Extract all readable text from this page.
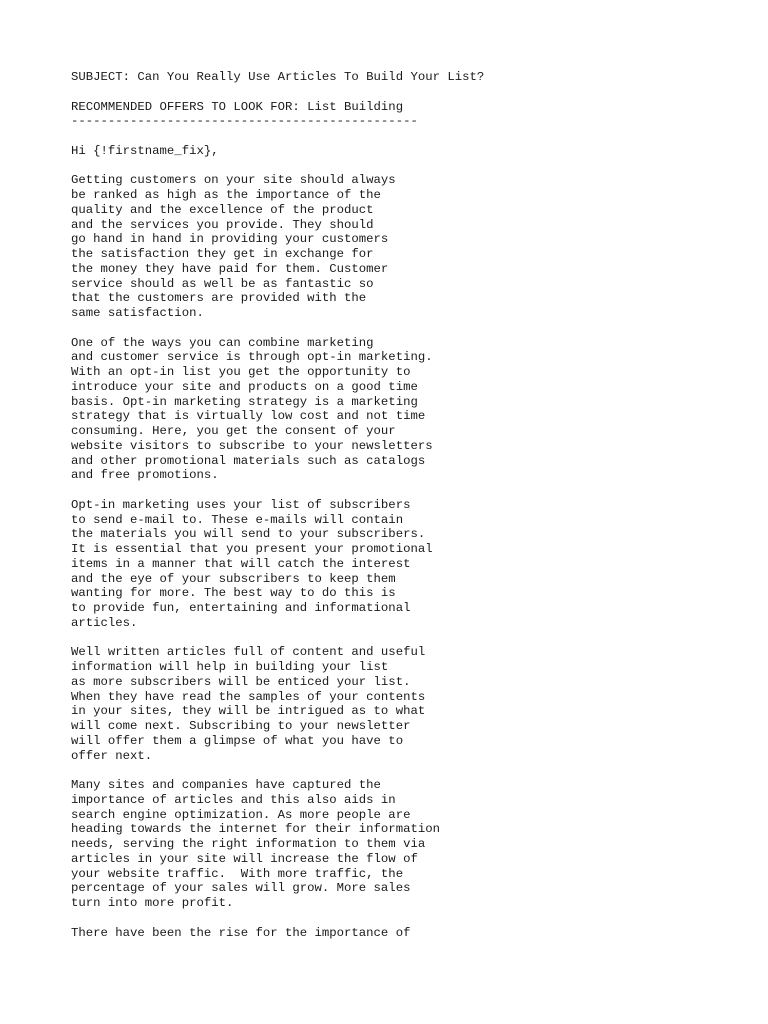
SUBJECT: Can You Really Use Articles To Build Your List?
RECOMMENDED OFFERS TO LOOK FOR: List Building
-----------------------------------------------
Hi {!firstname_fix},
Getting customers on your site should always
be ranked as high as the importance of the
quality and the excellence of the product
and the services you provide. They should
go hand in hand in providing your customers
the satisfaction they get in exchange for
the money they have paid for them. Customer
service should as well be as fantastic so
that the customers are provided with the
same satisfaction.
One of the ways you can combine marketing
and customer service is through opt-in marketing.
With an opt-in list you get the opportunity to
introduce your site and products on a good time
basis. Opt-in marketing strategy is a marketing
strategy that is virtually low cost and not time
consuming. Here, you get the consent of your
website visitors to subscribe to your newsletters
and other promotional materials such as catalogs
and free promotions.
Opt-in marketing uses your list of subscribers
to send e-mail to. These e-mails will contain
the materials you will send to your subscribers.
It is essential that you present your promotional
items in a manner that will catch the interest
and the eye of your subscribers to keep them
wanting for more. The best way to do this is
to provide fun, entertaining and informational
articles.
Well written articles full of content and useful
information will help in building your list
as more subscribers will be enticed your list.
When they have read the samples of your contents
in your sites, they will be intrigued as to what
will come next. Subscribing to your newsletter
will offer them a glimpse of what you have to
offer next.
Many sites and companies have captured the
importance of articles and this also aids in
search engine optimization. As more people are
heading towards the internet for their information
needs, serving the right information to them via
articles in your site will increase the flow of
your website traffic.  With more traffic, the
percentage of your sales will grow. More sales
turn into more profit.
There have been the rise for the importance of
